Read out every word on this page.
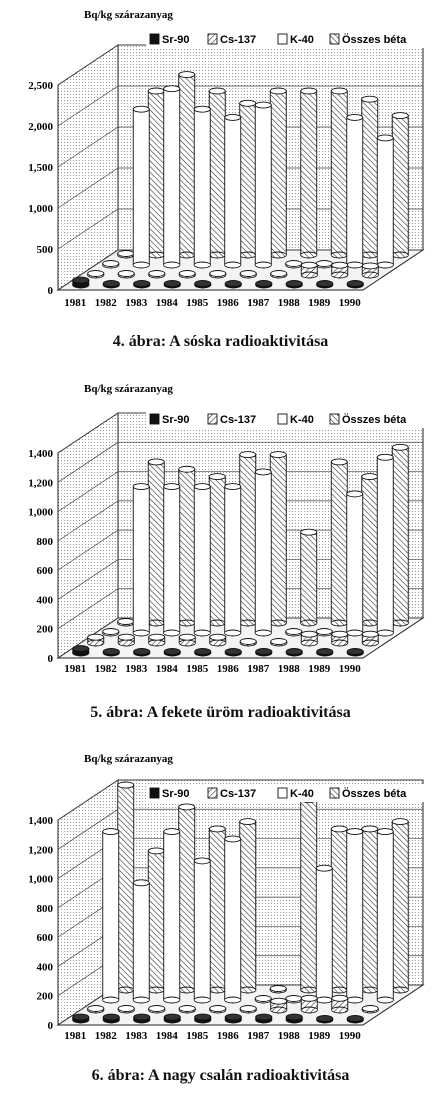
0
500
1,000
1,500
2,000
2,500
Bq/kg szárazanyag
1981 1982 1983 1984 1985 1986 1987 1988 1989 1990
Sr-90	Cs-137	K-40	Összes béta
4. ábra: A sóska radioaktivitása
0
200
400
600
800
1,000
1,200
1,400
Bq/kg szárazanyag
1981 1982 1983 1984 1985 1986 1987 1988 1989 1990
Sr-90	Cs-137	K-40	Összes béta
5. ábra: A fekete üröm radioaktivitása
0
200
400
600
800
1,000
1,200
1,400
Bq/kg szárazanyag
1981 1982 1983 1984 1985 1986 1987 1988 1989 1990
Sr-90	Cs-137	K-40	Összes béta
6. ábra: A nagy csalán radioaktivitása
